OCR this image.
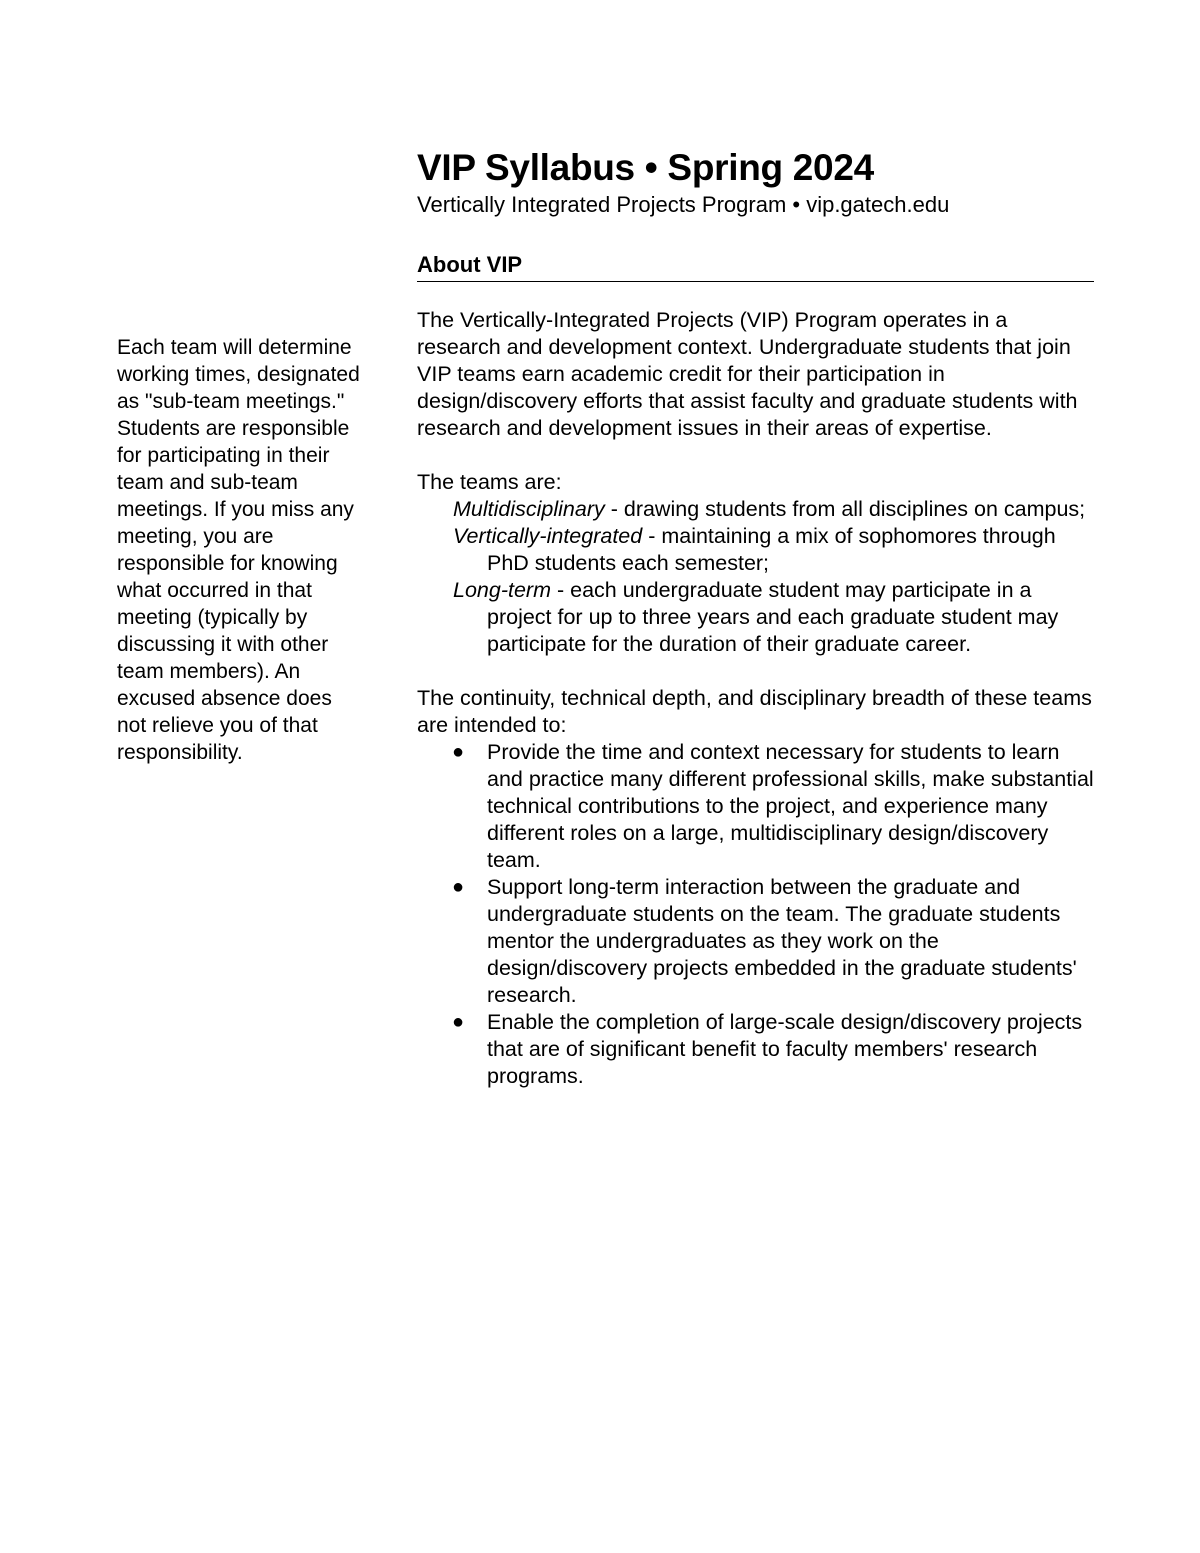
Each team will determine
working times, designated
as "sub-team meetings."
Students are responsible
for participating in their
team and sub-team
meetings. If you miss any
meeting, you are
responsible for knowing
what occurred in that
meeting (typically by
discussing it with other
team members). An
excused absence does
not relieve you of that
responsibility.
VIP Syllabus • Spring 2024

Vertically Integrated Projects Program • vip.gatech.edu

About VIP

The Vertically-Integrated Projects (VIP) Program operates in a research and development context. Undergraduate students that join VIP teams earn academic credit for their participation in design/discovery efforts that assist faculty and graduate students with research and development issues in their areas of expertise.

The teams are:

Multidisciplinary - drawing students from all disciplines on campus;
Vertically-integrated - maintaining a mix of sophomores through PhD students each semester;
Long-term - each undergraduate student may participate in a project for up to three years and each graduate student may participate for the duration of their graduate career.

The continuity, technical depth, and disciplinary breadth of these teams are intended to:

● Provide the time and context necessary for students to learn and practice many different professional skills, make substantial technical contributions to the project, and experience many different roles on a large, multidisciplinary design/discovery team.
● Support long-term interaction between the graduate and undergraduate students on the team. The graduate students mentor the undergraduates as they work on the design/discovery projects embedded in the graduate students' research.
● Enable the completion of large-scale design/discovery projects that are of significant benefit to faculty members' research programs.
